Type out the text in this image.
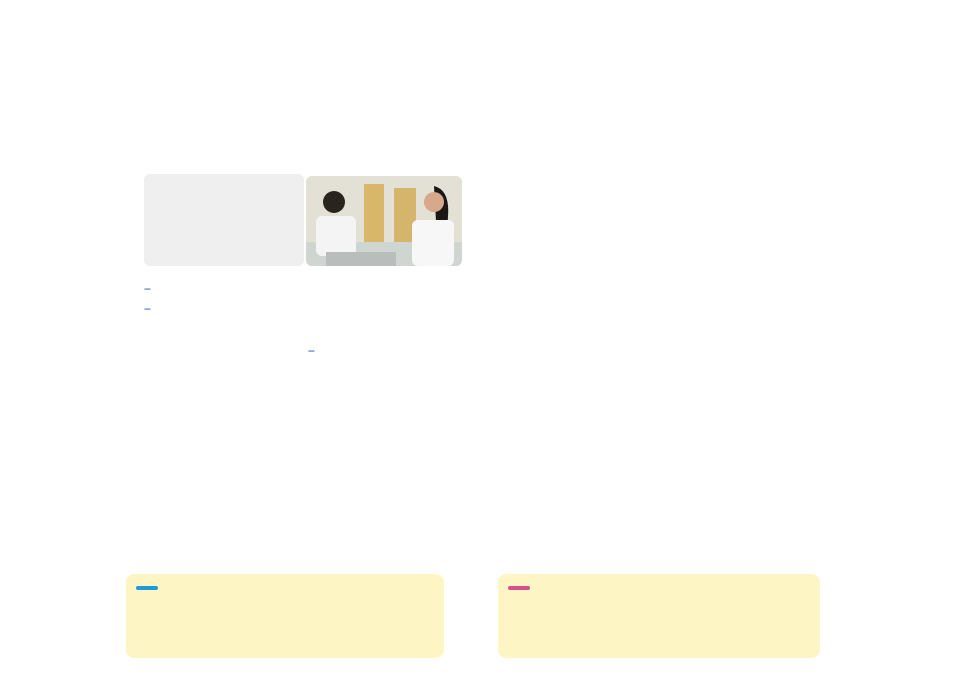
—

—

—
